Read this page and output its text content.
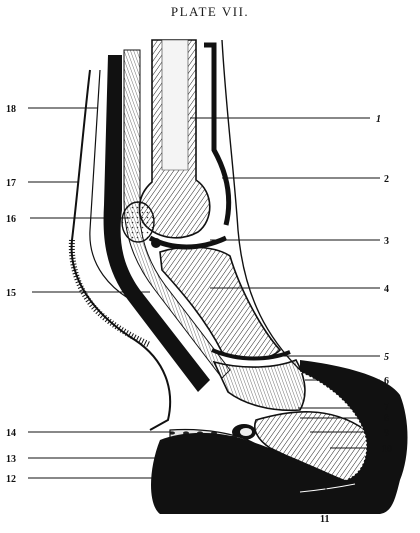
PLATE VII.
1
2
3
4
5
6
7
8
9
10
11
12
13
14
15
16
17
18
